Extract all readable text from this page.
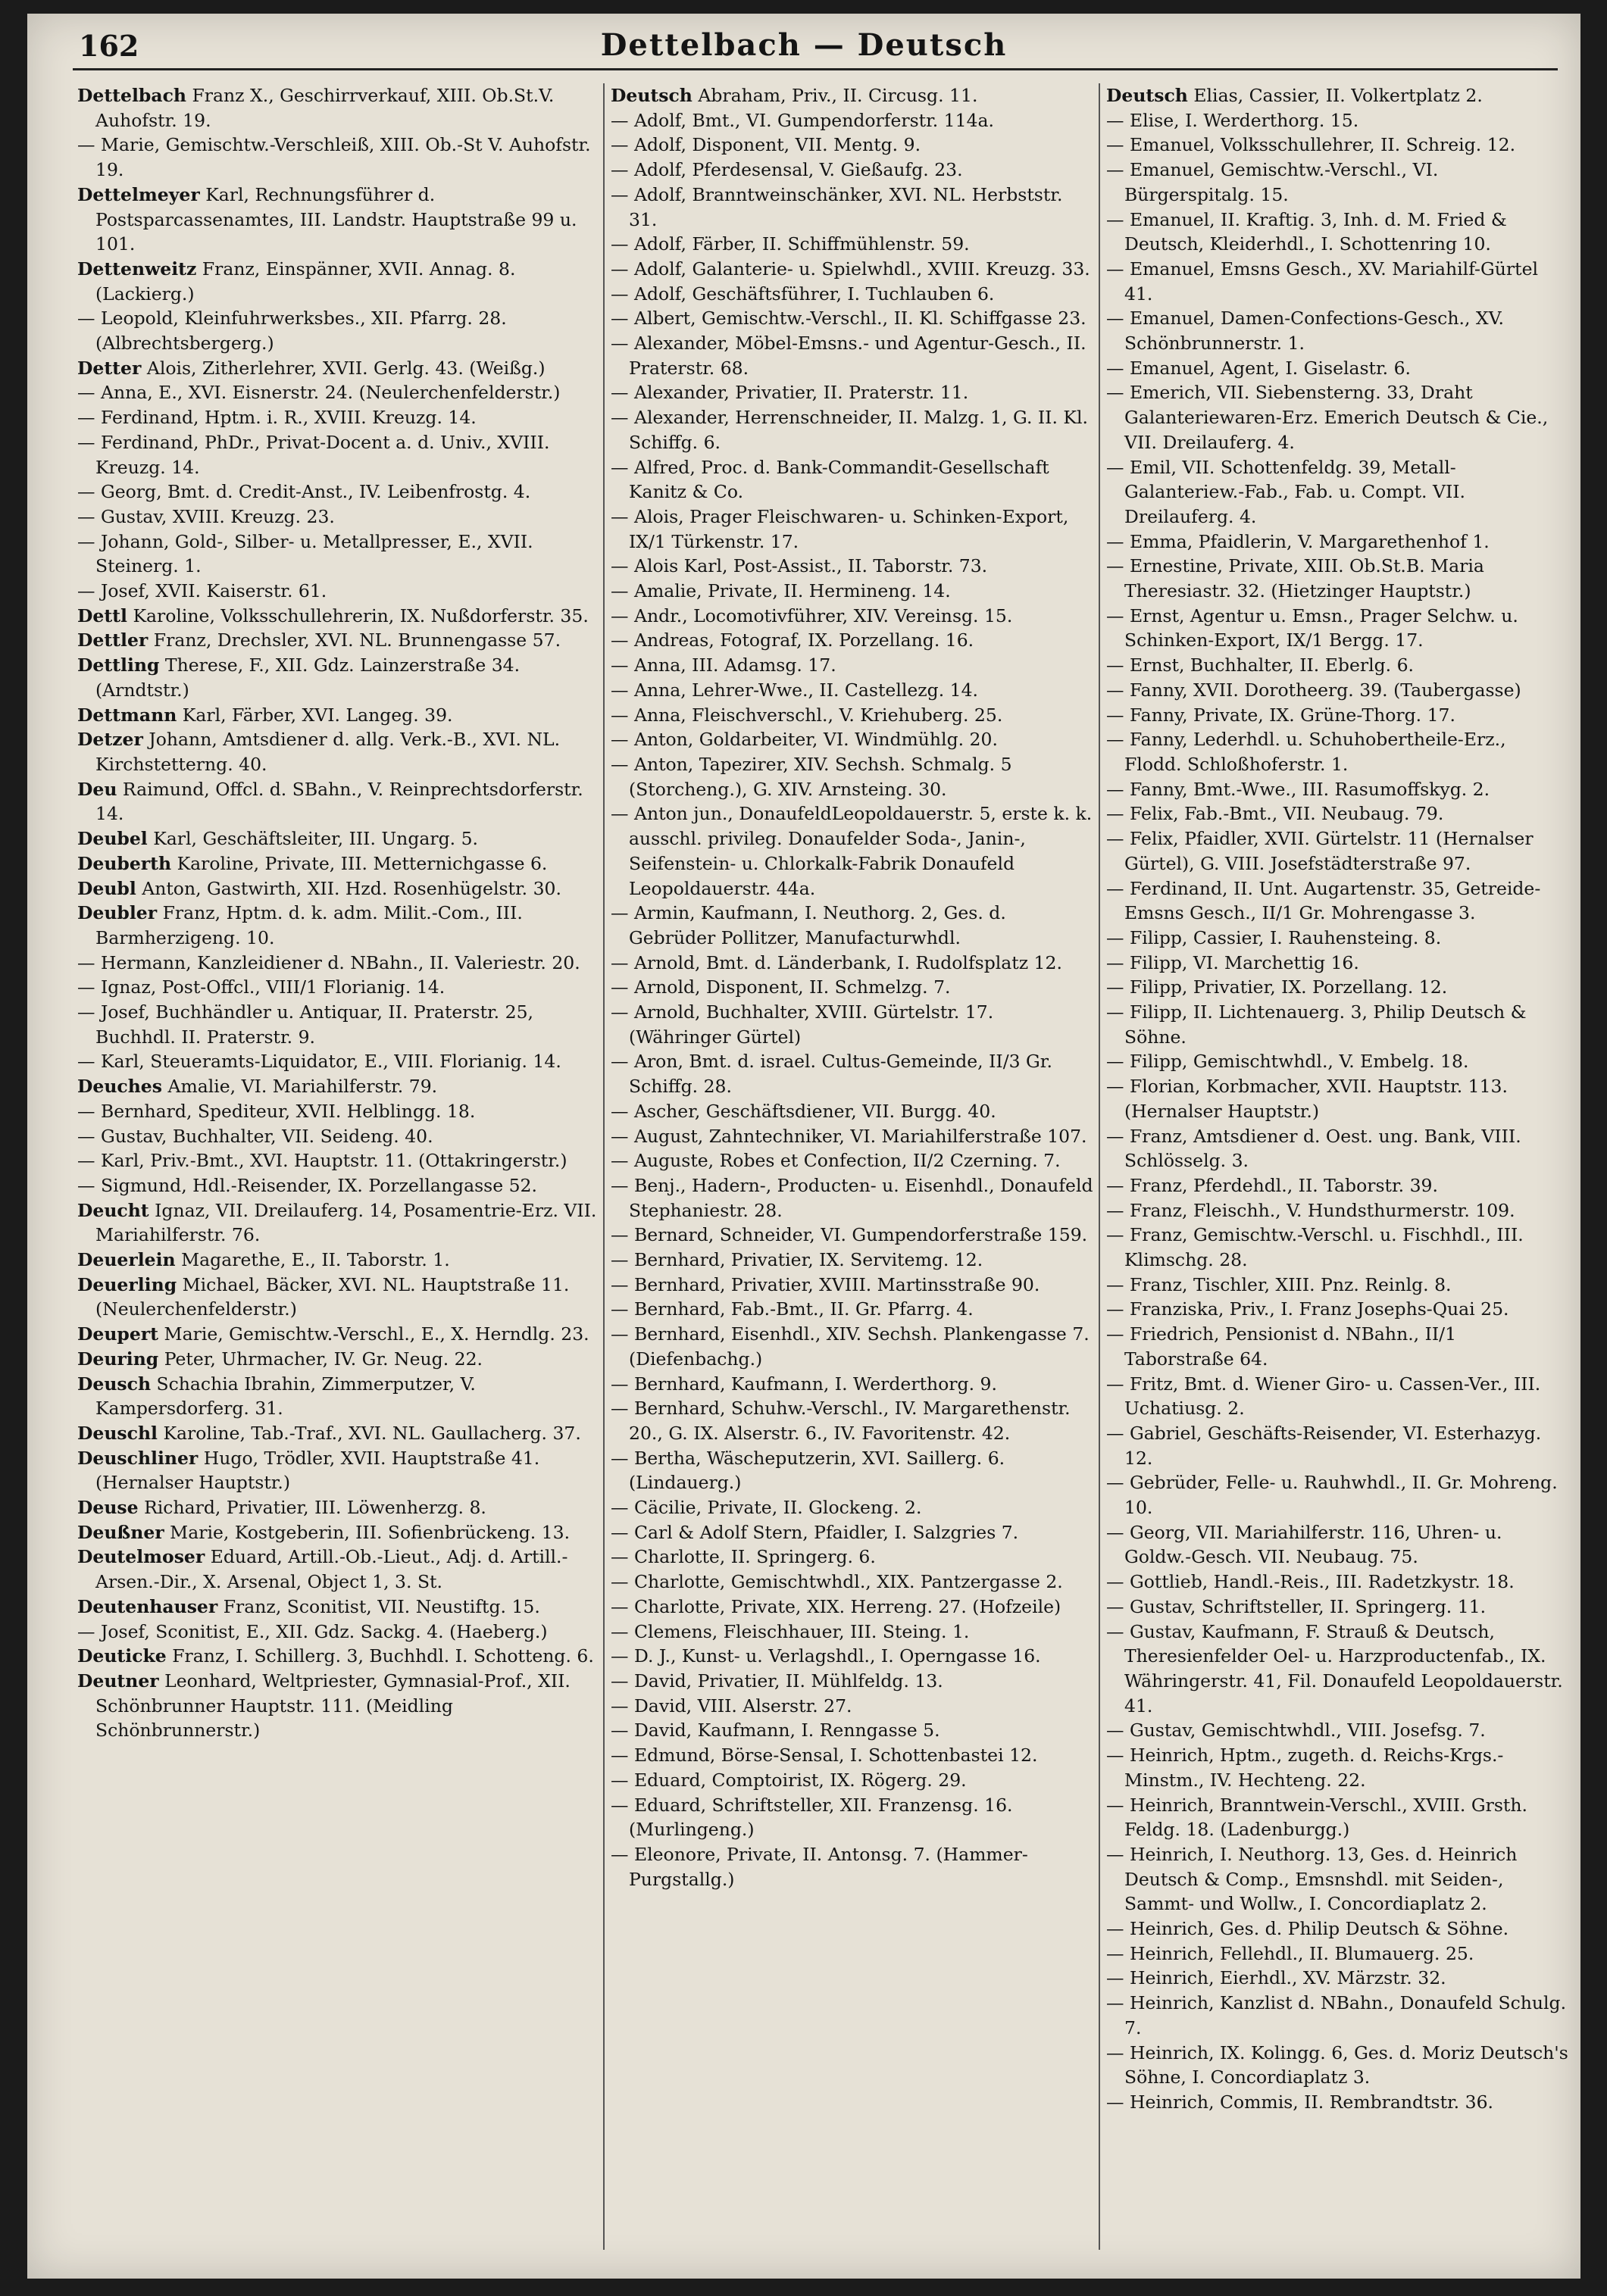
162	Dettelbach — Deutsch

Dettelbach Franz X., Geschirrverkauf, XIII. Ob.St.V. Auhofstr. 19.

— Marie, Gemischtw.-Verschleiß, XIII. Ob.-St V. Auhofstr. 19.

Dettelmeyer Karl, Rechnungsführer d. Postsparcassenamtes, III. Landstr. Hauptstraße 99 u. 101.

Dettenweitz Franz, Einspänner, XVII. Annag. 8. (Lackierg.)

— Leopold, Kleinfuhrwerksbes., XII. Pfarrg. 28. (Albrechtsbergerg.)

Detter Alois, Zitherlehrer, XVII. Gerlg. 43. (Weißg.)

— Anna, E., XVI. Eisnerstr. 24. (Neulerchenfelderstr.)

— Ferdinand, Hptm. i. R., XVIII. Kreuzg. 14.

— Ferdinand, PhDr., Privat-Docent a. d. Univ., XVIII. Kreuzg. 14.

— Georg, Bmt. d. Credit-Anst., IV. Leibenfrostg. 4.

— Gustav, XVIII. Kreuzg. 23.

— Johann, Gold-, Silber- u. Metallpresser, E., XVII. Steinerg. 1.

— Josef, XVII. Kaiserstr. 61.

Dettl Karoline, Volksschullehrerin, IX. Nußdorferstr. 35.

Dettler Franz, Drechsler, XVI. NL. Brunnengasse 57.

Dettling Therese, F., XII. Gdz. Lainzerstraße 34. (Arndtstr.)

Dettmann Karl, Färber, XVI. Langeg. 39.

Detzer Johann, Amtsdiener d. allg. Verk.-B., XVI. NL. Kirchstetterng. 40.

Deu Raimund, Offcl. d. SBahn., V. Reinprechtsdorferstr. 14.

Deubel Karl, Geschäftsleiter, III. Ungarg. 5.

Deuberth Karoline, Private, III. Metternichgasse 6.

Deubl Anton, Gastwirth, XII. Hzd. Rosenhügelstr. 30.

Deubler Franz, Hptm. d. k. adm. Milit.-Com., III. Barmherzigeng. 10.

— Hermann, Kanzleidiener d. NBahn., II. Valeriestr. 20.

— Ignaz, Post-Offcl., VIII/1 Florianig. 14.

— Josef, Buchhändler u. Antiquar, II. Praterstr. 25, Buchhdl. II. Praterstr. 9.

— Karl, Steueramts-Liquidator, E., VIII. Florianig. 14.

Deuches Amalie, VI. Mariahilferstr. 79.

— Bernhard, Spediteur, XVII. Helblingg. 18.

— Gustav, Buchhalter, VII. Seideng. 40.

— Karl, Priv.-Bmt., XVI. Hauptstr. 11. (Ottakringerstr.)

— Sigmund, Hdl.-Reisender, IX. Porzellangasse 52.

Deucht Ignaz, VII. Dreilauferg. 14, Posamentrie-Erz. VII. Mariahilferstr. 76.

Deuerlein Magarethe, E., II. Taborstr. 1.

Deuerling Michael, Bäcker, XVI. NL. Hauptstraße 11. (Neulerchenfelderstr.)

Deupert Marie, Gemischtw.-Verschl., E., X. Herndlg. 23.

Deuring Peter, Uhrmacher, IV. Gr. Neug. 22.

Deusch Schachia Ibrahin, Zimmerputzer, V. Kampersdorferg. 31.

Deuschl Karoline, Tab.-Traf., XVI. NL. Gaullacherg. 37.

Deuschliner Hugo, Trödler, XVII. Hauptstraße 41. (Hernalser Hauptstr.)

Deuse Richard, Privatier, III. Löwenherzg. 8.

Deußner Marie, Kostgeberin, III. Sofienbrückeng. 13.

Deutelmoser Eduard, Artill.-Ob.-Lieut., Adj. d. Artill.-Arsen.-Dir., X. Arsenal, Object 1, 3. St.

Deutenhauser Franz, Sconitist, VII. Neustiftg. 15.

— Josef, Sconitist, E., XII. Gdz. Sackg. 4. (Haeberg.)

Deuticke Franz, I. Schillerg. 3, Buchhdl. I. Schotteng. 6.

Deutner Leonhard, Weltpriester, Gymnasial-Prof., XII. Schönbrunner Hauptstr. 111. (Meidling Schönbrunnerstr.)

Deutsch Abraham, Priv., II. Circusg. 11.

— Adolf, Bmt., VI. Gumpendorferstr. 114a.

— Adolf, Disponent, VII. Mentg. 9.

— Adolf, Pferdesensal, V. Gießaufg. 23.

— Adolf, Branntweinschänker, XVI. NL. Herbststr. 31.

— Adolf, Färber, II. Schiffmühlenstr. 59.

— Adolf, Galanterie- u. Spielwhdl., XVIII. Kreuzg. 33.

— Adolf, Geschäftsführer, I. Tuchlauben 6.

— Albert, Gemischtw.-Verschl., II. Kl. Schiffgasse 23.

— Alexander, Möbel-Emsns.- und Agentur-Gesch., II. Praterstr. 68.

— Alexander, Privatier, II. Praterstr. 11.

— Alexander, Herrenschneider, II. Malzg. 1, G. II. Kl. Schiffg. 6.

— Alfred, Proc. d. Bank-Commandit-Gesellschaft Kanitz & Co.

— Alois, Prager Fleischwaren- u. Schinken-Export, IX/1 Türkenstr. 17.

— Alois Karl, Post-Assist., II. Taborstr. 73.

— Amalie, Private, II. Hermineng. 14.

— Andr., Locomotivführer, XIV. Vereinsg. 15.

— Andreas, Fotograf, IX. Porzellang. 16.

— Anna, III. Adamsg. 17.

— Anna, Lehrer-Wwe., II. Castellezg. 14.

— Anna, Fleischverschl., V. Kriehuberg. 25.

— Anton, Goldarbeiter, VI. Windmühlg. 20.

— Anton, Tapezirer, XIV. Sechsh. Schmalg. 5 (Storcheng.), G. XIV. Arnsteing. 30.

— Anton jun., DonaufeldLeopoldauerstr. 5, erste k. k. ausschl. privileg. Donaufelder Soda-, Janin-, Seifenstein- u. Chlorkalk-Fabrik Donaufeld Leopoldauerstr. 44a.

— Armin, Kaufmann, I. Neuthorg. 2, Ges. d. Gebrüder Pollitzer, Manufacturwhdl.

— Arnold, Bmt. d. Länderbank, I. Rudolfsplatz 12.

— Arnold, Disponent, II. Schmelzg. 7.

— Arnold, Buchhalter, XVIII. Gürtelstr. 17. (Währinger Gürtel)

— Aron, Bmt. d. israel. Cultus-Gemeinde, II/3 Gr. Schiffg. 28.

— Ascher, Geschäftsdiener, VII. Burgg. 40.

— August, Zahntechniker, VI. Mariahilferstraße 107.

— Auguste, Robes et Confection, II/2 Czerning. 7.

— Benj., Hadern-, Producten- u. Eisenhdl., Donaufeld Stephaniestr. 28.

— Bernard, Schneider, VI. Gumpendorferstraße 159.

— Bernhard, Privatier, IX. Servitemg. 12.

— Bernhard, Privatier, XVIII. Martinsstraße 90.

— Bernhard, Fab.-Bmt., II. Gr. Pfarrg. 4.

— Bernhard, Eisenhdl., XIV. Sechsh. Plankengasse 7. (Diefenbachg.)

— Bernhard, Kaufmann, I. Werderthorg. 9.

— Bernhard, Schuhw.-Verschl., IV. Margarethenstr. 20., G. IX. Alserstr. 6., IV. Favoritenstr. 42.

— Bertha, Wäscheputzerin, XVI. Saillerg. 6. (Lindauerg.)

— Cäcilie, Private, II. Glockeng. 2.

— Carl & Adolf Stern, Pfaidler, I. Salzgries 7.

— Charlotte, II. Springerg. 6.

— Charlotte, Gemischtwhdl., XIX. Pantzergasse 2.

— Charlotte, Private, XIX. Herreng. 27. (Hofzeile)

— Clemens, Fleischhauer, III. Steing. 1.

— D. J., Kunst- u. Verlagshdl., I. Operngasse 16.

— David, Privatier, II. Mühlfeldg. 13.

— David, VIII. Alserstr. 27.

— David, Kaufmann, I. Renngasse 5.

— Edmund, Börse-Sensal, I. Schottenbastei 12.

— Eduard, Comptoirist, IX. Rögerg. 29.

— Eduard, Schriftsteller, XII. Franzensg. 16. (Murlingeng.)

— Eleonore, Private, II. Antonsg. 7. (Hammer-Purgstallg.)

Deutsch Elias, Cassier, II. Volkertplatz 2.

— Elise, I. Werderthorg. 15.

— Emanuel, Volksschullehrer, II. Schreig. 12.

— Emanuel, Gemischtw.-Verschl., VI. Bürgerspitalg. 15.

— Emanuel, II. Kraftig. 3, Inh. d. M. Fried & Deutsch, Kleiderhdl., I. Schottenring 10.

— Emanuel, Emsns Gesch., XV. Mariahilf-Gürtel 41.

— Emanuel, Damen-Confections-Gesch., XV. Schönbrunnerstr. 1.

— Emanuel, Agent, I. Giselastr. 6.

— Emerich, VII. Siebensterng. 33, Draht Galanteriewaren-Erz. Emerich Deutsch & Cie., VII. Dreilauferg. 4.

— Emil, VII. Schottenfeldg. 39, Metall-Galanteriew.-Fab., Fab. u. Compt. VII. Dreilauferg. 4.

— Emma, Pfaidlerin, V. Margarethenhof 1.

— Ernestine, Private, XIII. Ob.St.B. Maria Theresiastr. 32. (Hietzinger Hauptstr.)

— Ernst, Agentur u. Emsn., Prager Selchw. u. Schinken-Export, IX/1 Bergg. 17.

— Ernst, Buchhalter, II. Eberlg. 6.

— Fanny, XVII. Dorotheerg. 39. (Taubergasse)

— Fanny, Private, IX. Grüne-Thorg. 17.

— Fanny, Lederhdl. u. Schuhobertheile-Erz., Flodd. Schloßhoferstr. 1.

— Fanny, Bmt.-Wwe., III. Rasumoffskyg. 2.

— Felix, Fab.-Bmt., VII. Neubaug. 79.

— Felix, Pfaidler, XVII. Gürtelstr. 11 (Hernalser Gürtel), G. VIII. Josefstädterstraße 97.

— Ferdinand, II. Unt. Augartenstr. 35, Getreide-Emsns Gesch., II/1 Gr. Mohrengasse 3.

— Filipp, Cassier, I. Rauhensteing. 8.

— Filipp, VI. Marchettig 16.

— Filipp, Privatier, IX. Porzellang. 12.

— Filipp, II. Lichtenauerg. 3, Philip Deutsch & Söhne.

— Filipp, Gemischtwhdl., V. Embelg. 18.

— Florian, Korbmacher, XVII. Hauptstr. 113. (Hernalser Hauptstr.)

— Franz, Amtsdiener d. Oest. ung. Bank, VIII. Schlösselg. 3.

— Franz, Pferdehdl., II. Taborstr. 39.

— Franz, Fleischh., V. Hundsthurmerstr. 109.

— Franz, Gemischtw.-Verschl. u. Fischhdl., III. Klimschg. 28.

— Franz, Tischler, XIII. Pnz. Reinlg. 8.

— Franziska, Priv., I. Franz Josephs-Quai 25.

— Friedrich, Pensionist d. NBahn., II/1 Taborstraße 64.

— Fritz, Bmt. d. Wiener Giro- u. Cassen-Ver., III. Uchatiusg. 2.

— Gabriel, Geschäfts-Reisender, VI. Esterhazyg. 12.

— Gebrüder, Felle- u. Rauhwhdl., II. Gr. Mohreng. 10.

— Georg, VII. Mariahilferstr. 116, Uhren- u. Goldw.-Gesch. VII. Neubaug. 75.

— Gottlieb, Handl.-Reis., III. Radetzkystr. 18.

— Gustav, Schriftsteller, II. Springerg. 11.

— Gustav, Kaufmann, F. Strauß & Deutsch, Theresienfelder Oel- u. Harzproductenfab., IX. Währingerstr. 41, Fil. Donaufeld Leopoldauerstr. 41.

— Gustav, Gemischtwhdl., VIII. Josefsg. 7.

— Heinrich, Hptm., zugeth. d. Reichs-Krgs.-Minstm., IV. Hechteng. 22.

— Heinrich, Branntwein-Verschl., XVIII. Grsth. Feldg. 18. (Ladenburgg.)

— Heinrich, I. Neuthorg. 13, Ges. d. Heinrich Deutsch & Comp., Emsnshdl. mit Seiden-, Sammt- und Wollw., I. Concordiaplatz 2.

— Heinrich, Ges. d. Philip Deutsch & Söhne.

— Heinrich, Fellehdl., II. Blumauerg. 25.

— Heinrich, Eierhdl., XV. Märzstr. 32.

— Heinrich, Kanzlist d. NBahn., Donaufeld Schulg. 7.

— Heinrich, IX. Kolingg. 6, Ges. d. Moriz Deutsch's Söhne, I. Concordiaplatz 3.

— Heinrich, Commis, II. Rembrandtstr. 36.
